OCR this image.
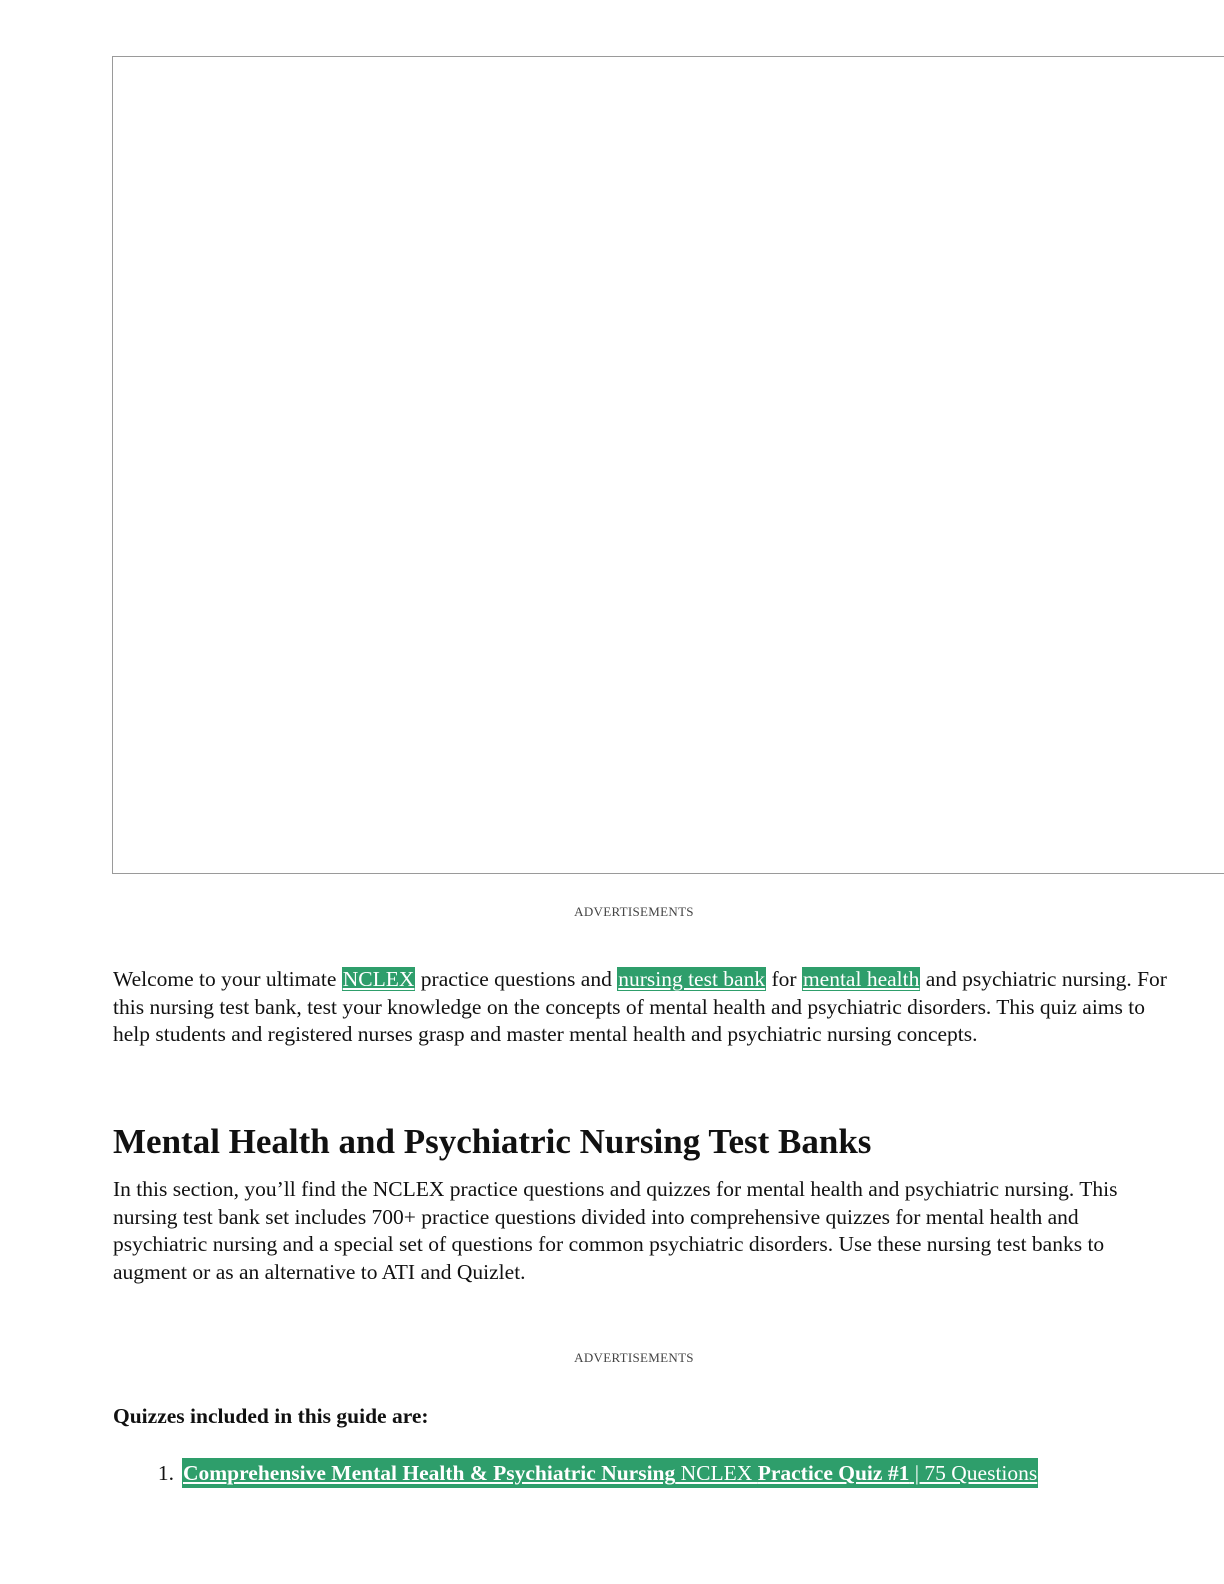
ADVERTISEMENTS

Welcome to your ultimate NCLEX practice questions and nursing test bank for mental health and psychiatric nursing. For this nursing test bank, test your knowledge on the concepts of mental health and psychiatric disorders. This quiz aims to help students and registered nurses grasp and master mental health and psychiatric nursing concepts.

Mental Health and Psychiatric Nursing Test Banks

In this section, you’ll find the NCLEX practice questions and quizzes for mental health and psychiatric nursing. This nursing test bank set includes 700+ practice questions divided into comprehensive quizzes for mental health and psychiatric nursing and a special set of questions for common psychiatric disorders. Use these nursing test banks to augment or as an alternative to ATI and Quizlet.

ADVERTISEMENTS

Quizzes included in this guide are:

1. Comprehensive Mental Health & Psychiatric Nursing NCLEX Practice Quiz #1 | 75 Questions
